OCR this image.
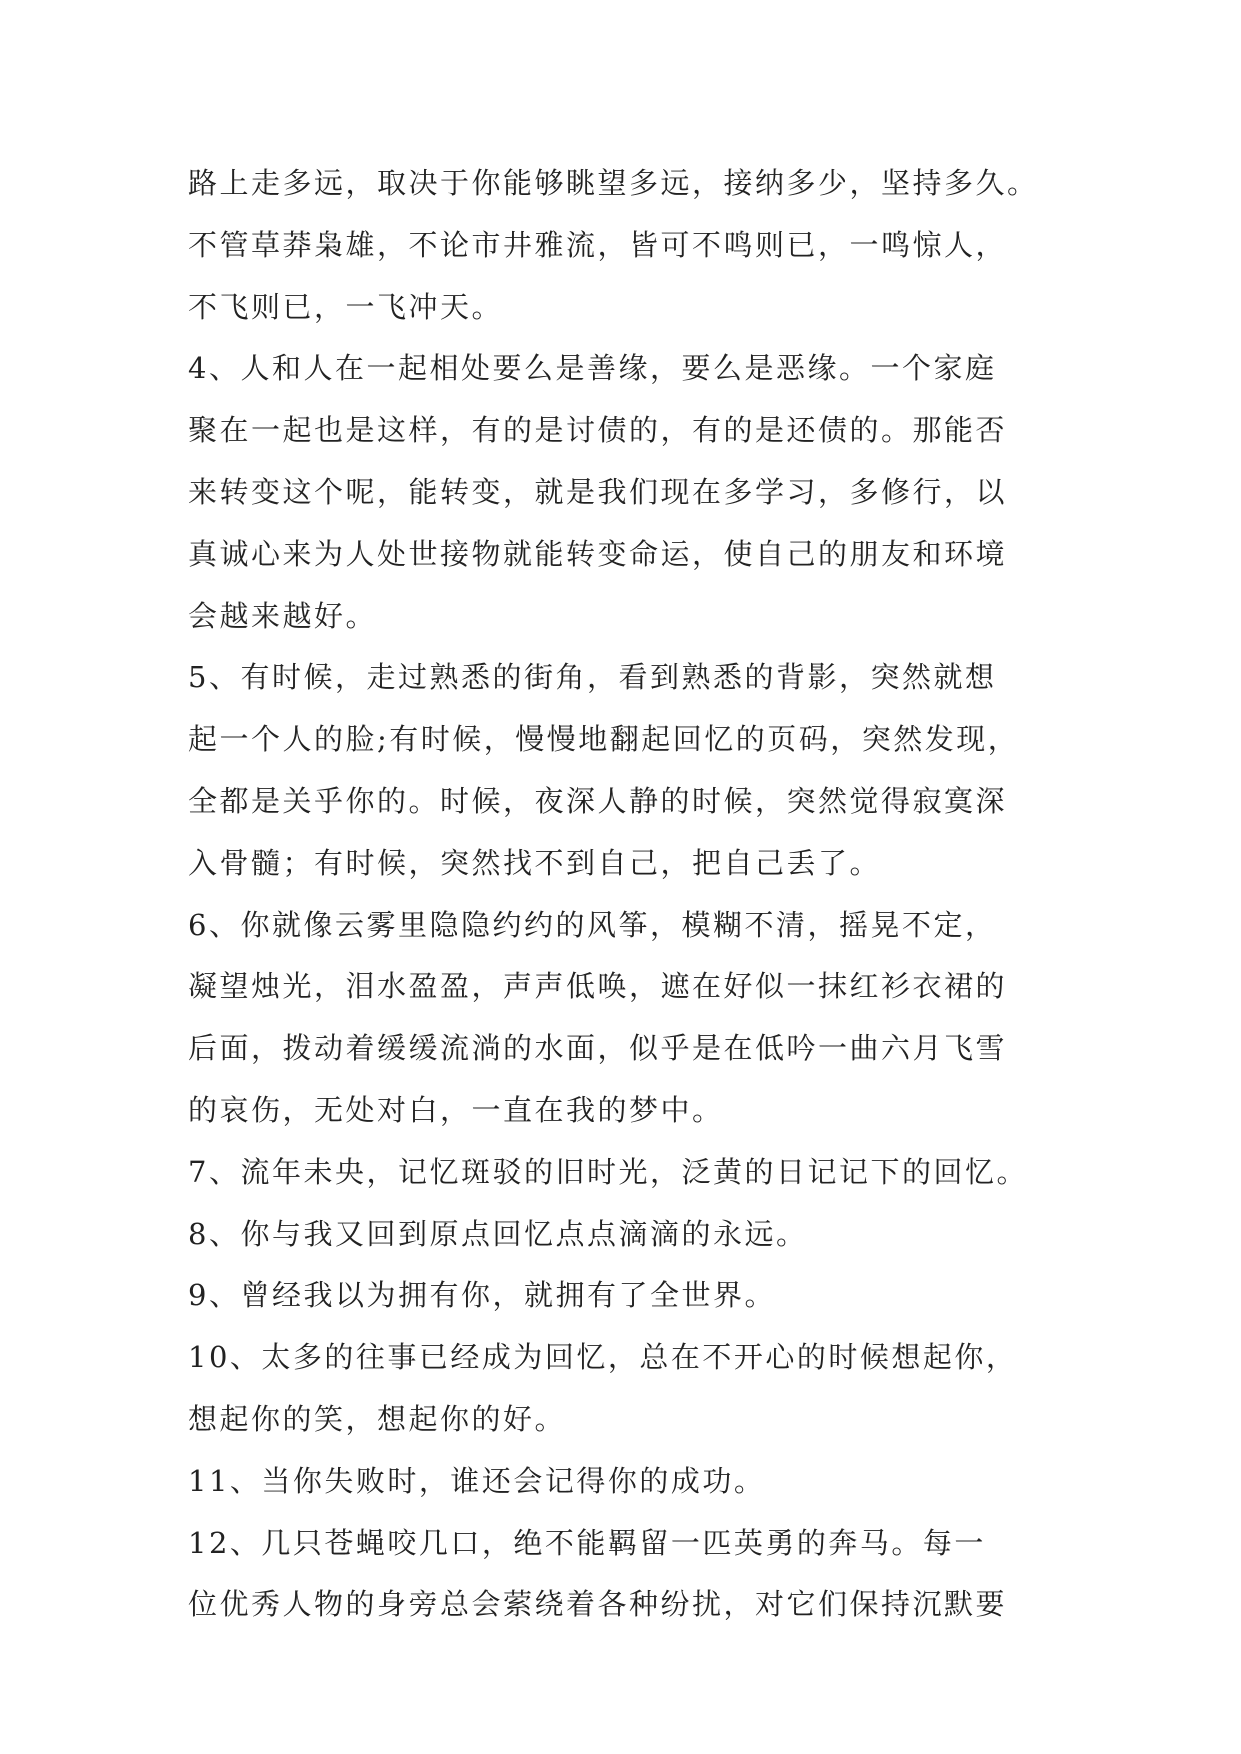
路上走多远，取决于你能够眺望多远，接纳多少，坚持多久。
不管草莽枭雄，不论市井雅流，皆可不鸣则已，一鸣惊人，
不飞则已，一飞冲天。
4、人和人在一起相处要么是善缘，要么是恶缘。一个家庭
聚在一起也是这样，有的是讨债的，有的是还债的。那能否
来转变这个呢，能转变，就是我们现在多学习，多修行，以
真诚心来为人处世接物就能转变命运，使自己的朋友和环境
会越来越好。
5、有时候，走过熟悉的街角，看到熟悉的背影，突然就想
起一个人的脸;有时候，慢慢地翻起回忆的页码，突然发现，
全都是关乎你的。时候，夜深人静的时候，突然觉得寂寞深
入骨髓；有时候，突然找不到自己，把自己丢了。
6、你就像云雾里隐隐约约的风筝，模糊不清，摇晃不定，
凝望烛光，泪水盈盈，声声低唤，遮在好似一抹红衫衣裙的
后面，拨动着缓缓流淌的水面，似乎是在低吟一曲六月飞雪
的哀伤，无处对白，一直在我的梦中。
7、流年未央，记忆斑驳的旧时光，泛黄的日记记下的回忆。
8、你与我又回到原点回忆点点滴滴的永远。
9、曾经我以为拥有你，就拥有了全世界。
10、太多的往事已经成为回忆，总在不开心的时候想起你，
想起你的笑，想起你的好。
11、当你失败时，谁还会记得你的成功。
12、几只苍蝇咬几口，绝不能羁留一匹英勇的奔马。每一
位优秀人物的身旁总会萦绕着各种纷扰，对它们保持沉默要
